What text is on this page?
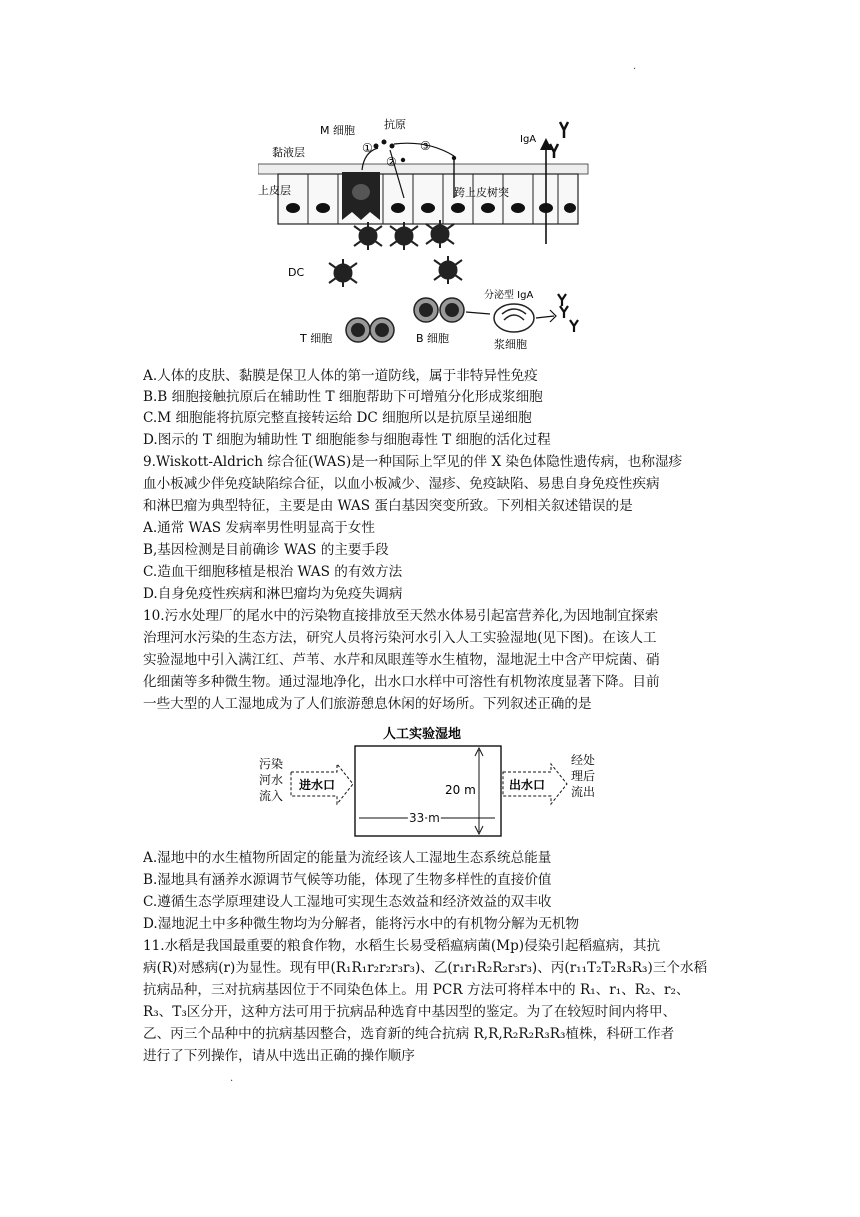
·
·
M 细胞	抗原
黏液层
上皮层	跨上皮树突
IgA
DC
T 细胞	B 细胞
分泌型 IgA
浆细胞
①
②
③
A.人体的皮肤、黏膜是保卫人体的第一道防线，属于非特异性免疫
B.B 细胞接触抗原后在辅助性 T 细胞帮助下可增殖分化形成浆细胞
C.M 细胞能将抗原完整直接转运给 DC 细胞所以是抗原呈递细胞
D.图示的 T 细胞为辅助性 T 细胞能参与细胞毒性 T 细胞的活化过程
9.Wiskott-Aldrich 综合征(WAS)是一种国际上罕见的伴 X 染色体隐性遗传病，也称湿疹
血小板减少伴免疫缺陷综合征，以血小板减少、湿疹、免疫缺陷、易患自身免疫性疾病
和淋巴瘤为典型特征，主要是由 WAS 蛋白基因突变所致。下列相关叙述错误的是
A.通常 WAS 发病率男性明显高于女性
B,基因检测是目前确诊 WAS 的主要手段
C.造血干细胞移植是根治 WAS 的有效方法
D.自身免疫性疾病和淋巴瘤均为免疫失调病
10.污水处理厂的尾水中的污染物直接排放至天然水体易引起富营养化,为因地制宜探索
治理河水污染的生态方法，研究人员将污染河水引入人工实验湿地(见下图)。在该人工
实验湿地中引入满江红、芦苇、水芹和凤眼莲等水生植物，湿地泥土中含产甲烷菌、硝
化细菌等多种微生物。通过湿地净化，出水口水样中可溶性有机物浓度显著下降。目前
一些大型的人工湿地成为了人们旅游憩息休闲的好场所。下列叙述正确的是
人工实验湿地
污染
河水
流入
进水口	20 m
33 m
出水口
经处
理后
流出
A.湿地中的水生植物所固定的能量为流经该人工湿地生态系统总能量
B.湿地具有涵养水源调节气候等功能，体现了生物多样性的直接价值
C.遵循生态学原理建设人工湿地可实现生态效益和经济效益的双丰收
D.湿地泥土中多种微生物均为分解者，能将污水中的有机物分解为无机物
11.水稻是我国最重要的粮食作物，水稻生长易受稻瘟病菌(Mp)侵染引起稻瘟病，其抗
病(R)对感病(r)为显性。现有甲(R₁R₁r₂r₂r₃r₃)、乙(r₁r₁R₂R₂r₃r₃)、丙(r₁₁T₂T₂R₃R₃)三个水稻
抗病品种，三对抗病基因位于不同染色体上。用 PCR 方法可将样本中的 R₁、r₁、R₂、r₂、
R₃、T₃区分开，这种方法可用于抗病品种选育中基因型的鉴定。为了在较短时间内将甲、
乙、丙三个品种中的抗病基因整合，选育新的纯合抗病 R,R,R₂R₂R₃R₃植株，科研工作者
进行了下列操作，请从中选出正确的操作顺序
